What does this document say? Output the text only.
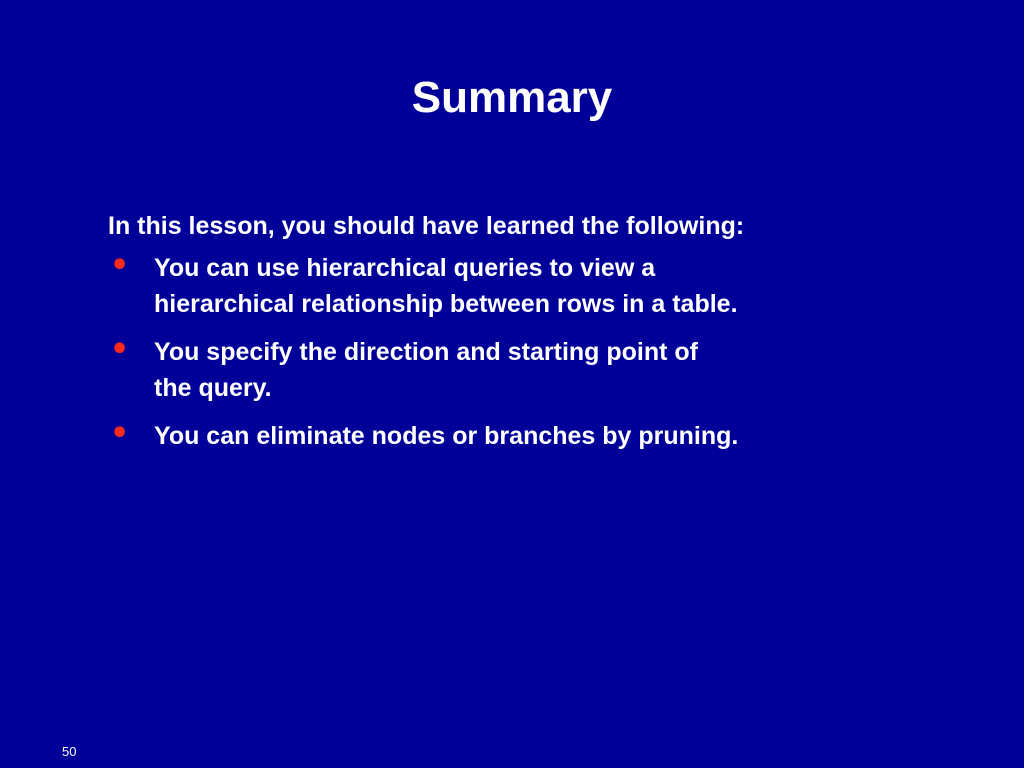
Summary
In this lesson, you should have learned the following:
• You can use hierarchical queries to view a
hierarchical relationship between rows in a table.
• You specify the direction and starting point of
the query.
• You can eliminate nodes or branches by pruning.
50
